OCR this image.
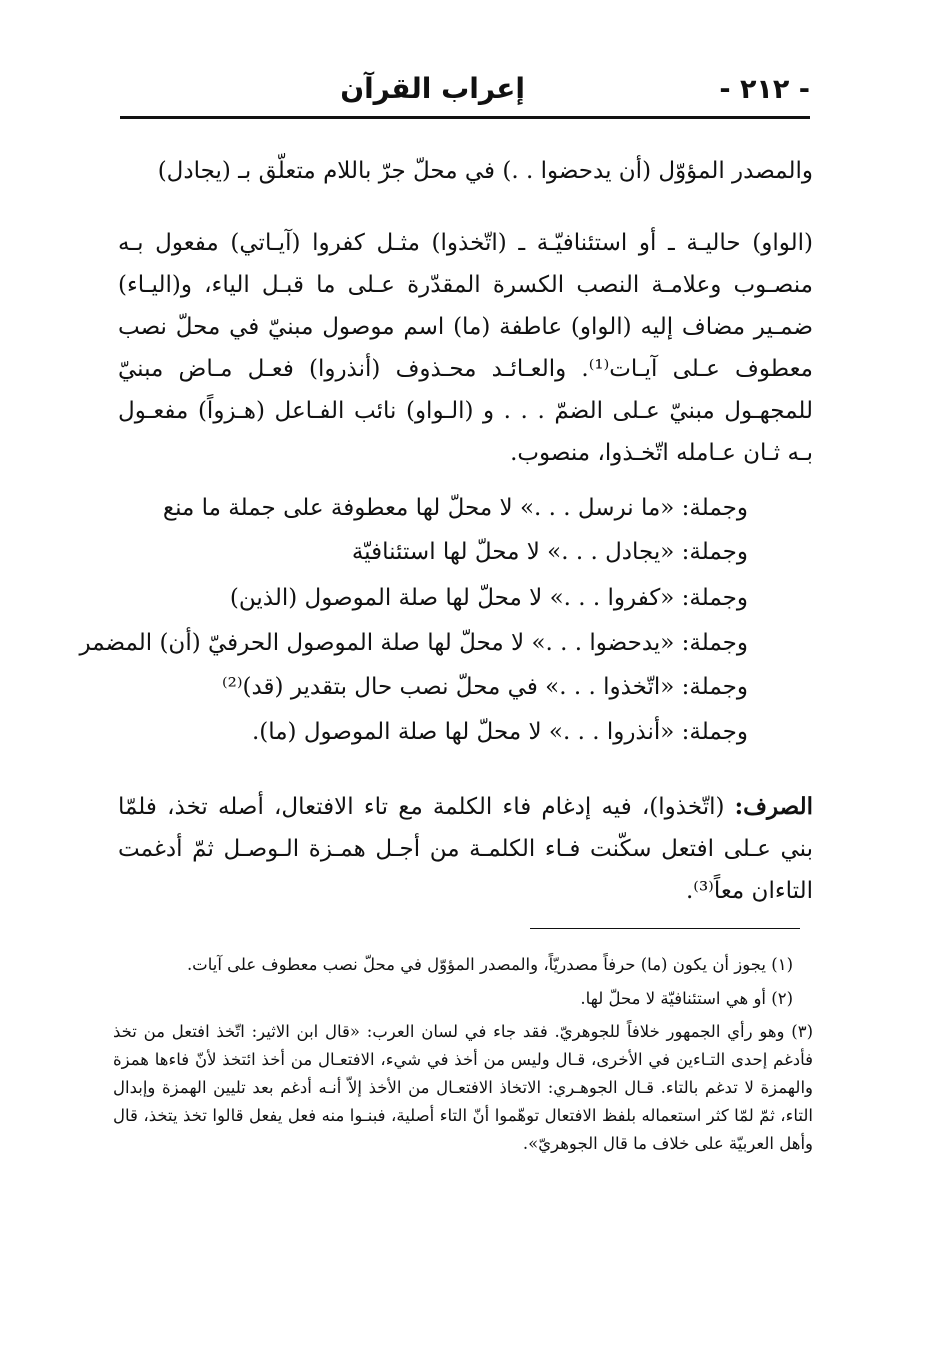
- ٢١٢ -
إعراب القرآن
والمصدر المؤوّل (أن يدحضوا . .) في محلّ جرّ باللام متعلّق بـ (يجادل)
(الواو) حاليـة ـ أو استئنافيّـة ـ (اتّخذوا) مثـل كفروا (آيـاتي) مفعول بـه منصـوب وعلامـة النصب الكسرة المقدّرة عـلى ما قبـل الياء، و(اليـاء) ضمـير مضاف إليه (الواو) عاطفة (ما) اسم موصول مبنيّ في محلّ نصب معطوف عـلى آيـات⁽¹⁾. والعـائـد محـذوف (أنذروا) فعـل مـاض مبنيّ للمجهـول مبنيّ عـلى الضمّ . . . و (الـواو) نائب الفـاعل (هـزواً) مفعـول بـه ثـان عـامله اتّخـذوا، منصوب.
وجملة: «ما نرسل . . .» لا محلّ لها معطوفة على جملة ما منع
وجملة: «يجادل . . .» لا محلّ لها استئنافيّة
وجملة: «كفروا . . .» لا محلّ لها صلة الموصول (الذين)
وجملة: «يدحضوا . . .» لا محلّ لها صلة الموصول الحرفيّ (أن) المضمر
وجملة: «اتّخذوا . . .» في محلّ نصب حال بتقدير (قد)⁽²⁾
وجملة: «أنذروا . . .» لا محلّ لها صلة الموصول (ما).
الصرف: (اتّخذوا)، فيه إدغام فاء الكلمة مع تاء الافتعال، أصله تخذ، فلمّا بني عـلى افتعل سكّنت فـاء الكلمـة من أجـل همـزة الـوصـل ثمّ أدغمت التاءان معاً⁽³⁾.
(١) يجوز أن يكون (ما) حرفاً مصدريّاً، والمصدر المؤوّل في محلّ نصب معطوف على آيات.
(٢) أو هي استئنافيّة لا محلّ لها.
(٣) وهو رأي الجمهور خلافاً للجوهريّ. فقد جاء في لسان العرب: «قال ابن الاثير: اتّخذ افتعل من تخذ فأدغم إحدى التـاءين في الأخرى، قـال وليس من أخذ في شيء، الافتعـال من أخذ ائتخذ لأنّ فاءها همزة والهمزة لا تدغم بالتاء. قـال الجوهـري: الاتخاذ الافتعـال من الأخذ إلاّ أنـه أدغم بعد تليين الهمزة وإبدال التاء، ثمّ لمّا كثر استعماله بلفظ الافتعال توهّموا أنّ التاء أصلية، فبنـوا منه فعل يفعل قالوا تخذ يتخذ، قال وأهل العربيّة على خلاف ما قال الجوهريّ».
